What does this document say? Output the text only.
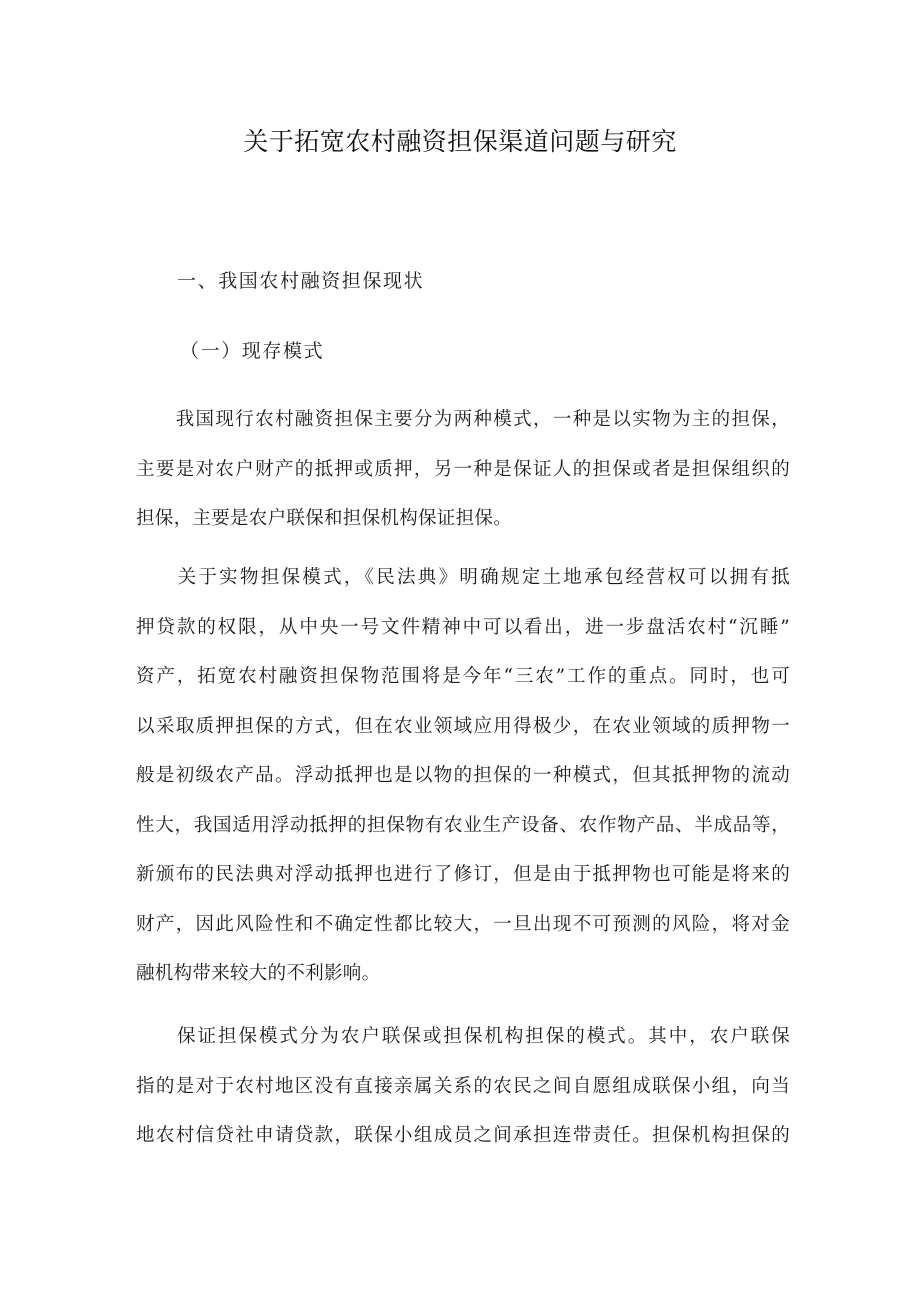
关于拓宽农村融资担保渠道问题与研究
一、我国农村融资担保现状
（一）现存模式
　　我国现行农村融资担保主要分为两种模式，一种是以实物为主的担保，
主要是对农户财产的抵押或质押，另一种是保证人的担保或者是担保组织的
担保，主要是农户联保和担保机构保证担保。
　　关于实物担保模式，《民法典》明确规定土地承包经营权可以拥有抵
押贷款的权限，从中央一号文件精神中可以看出，进一步盘活农村“沉睡”
资产，拓宽农村融资担保物范围将是今年“三农”工作的重点。同时，也可
以采取质押担保的方式，但在农业领域应用得极少，在农业领域的质押物一
般是初级农产品。浮动抵押也是以物的担保的一种模式，但其抵押物的流动
性大，我国适用浮动抵押的担保物有农业生产设备、农作物产品、半成品等，
新颁布的民法典对浮动抵押也进行了修订，但是由于抵押物也可能是将来的
财产，因此风险性和不确定性都比较大，一旦出现不可预测的风险，将对金
融机构带来较大的不利影响。
　　保证担保模式分为农户联保或担保机构担保的模式。其中，农户联保
指的是对于农村地区没有直接亲属关系的农民之间自愿组成联保小组，向当
地农村信贷社申请贷款，联保小组成员之间承担连带责任。担保机构担保的
